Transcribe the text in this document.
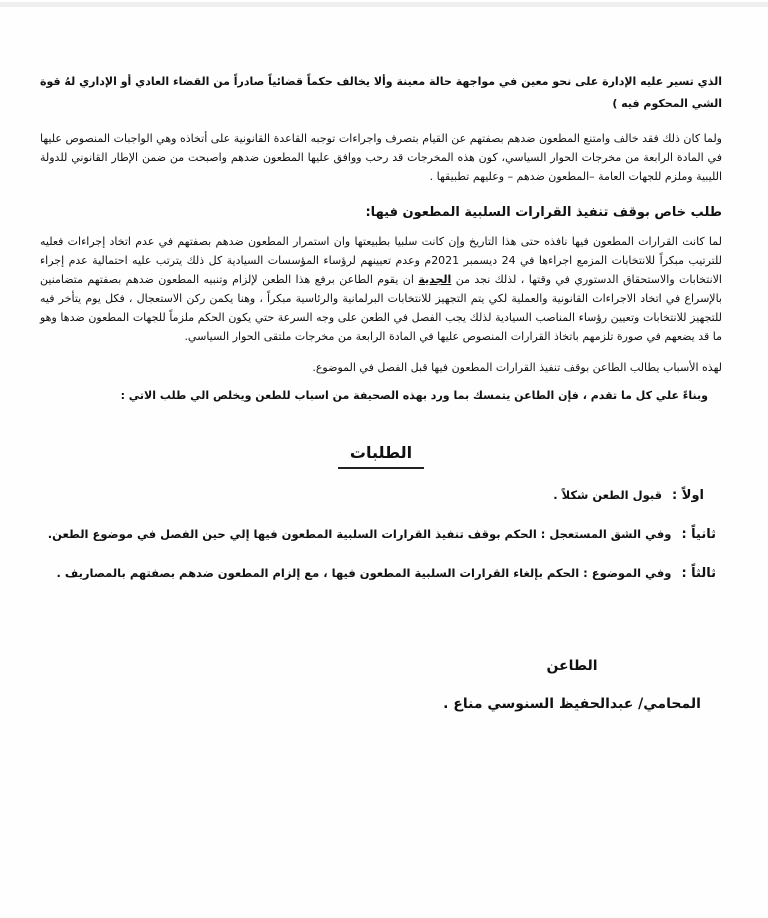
الذي تسير عليه الإدارة على نحو معين في مواجهة حالة معينة وألا يخالف حكماً قضائياً صادراً من القضاء العادي أو الإداري لهُ قوة الشي المحكوم فيه )
ولما كان ذلك فقد خالف وامتنع المطعون ضدهم بصفتهم عن القيام بتصرف واجراءات توجبه القاعدة القانونية على أتخاذه وهي الواجبات المنصوص عليها في المادة الرابعة من مخرجات الحوار السياسي، كون هذه المخرجات قد رحب ووافق عليها المطعون ضدهم واصبحت من ضمن الإطار القانوني للدولة الليبية وملزم للجهات العامة –المطعون ضدهم – وعليهم تطبيقها .
طلب خاص بوقف تنفيذ القرارات السلبية المطعون فيها:
لما كانت القرارات المطعون فيها نافذه حتى هذا التاريخ وإن كانت سلبيا بطبيعتها وان استمرار المطعون ضدهم بصفتهم في عدم اتخاد إجراءات فعليه للترتيب مبكراً للانتخابات المزمع اجراءها في 24 ديسمبر 2021م وعدم تعيينهم لرؤساء المؤسسات السيادية كل ذلك يترتب عليه احتمالية عدم إجراء الانتخابات والاستحقاق الدستوري في وقتها ، لذلك نجد من الجدية ان يقوم الطاعن برفع هذا الطعن لإلزام وتنبيه المطعون ضدهم بصفتهم متضامنين بالإسراع في اتخاد الاجراءات القانونية والعملية لكي يتم التجهيز للانتخابات البرلمانية والرئاسية مبكراً ، وهنا يكمن ركن الاستعجال ، فكل يوم يتأخر فيه للتجهيز للانتخابات وتعيين رؤساء المناصب السيادية لذلك يجب الفصل في الطعن على وجه السرعة حتي يكون الحكم ملزماً للجهات المطعون ضدها وهو ما قد يضعهم في صورة تلزمهم باتخاذ القرارات المنصوص عليها في المادة الرابعة من مخرجات ملتقى الحوار السياسي.
لهذه الأسباب يطالب الطاعن بوقف تنفيذ القرارات المطعون فيها قبل الفصل في الموضوع.
وبناءً علي كل ما تقدم ، فإن الطاعن يتمسك بما ورد بهذه الصحيفة من اسباب للطعن ويخلص الي طلب الاتي :
الطلبات
اولاً :قبول الطعن شكلاً .
ثانياً :وفي الشق المستعجل : الحكم بوقف تنفيذ القرارات السلبية المطعون فيها إلي حين الفصل في موضوع الطعن.
ثالثاً :وفي الموضوع : الحكم بإلغاء القرارات السلبية المطعون فيها ، مع إلزام المطعون ضدهم بصفتهم بالمصاريف .
الطاعن
المحامي/ عبدالحفيظ السنوسي مناع .
